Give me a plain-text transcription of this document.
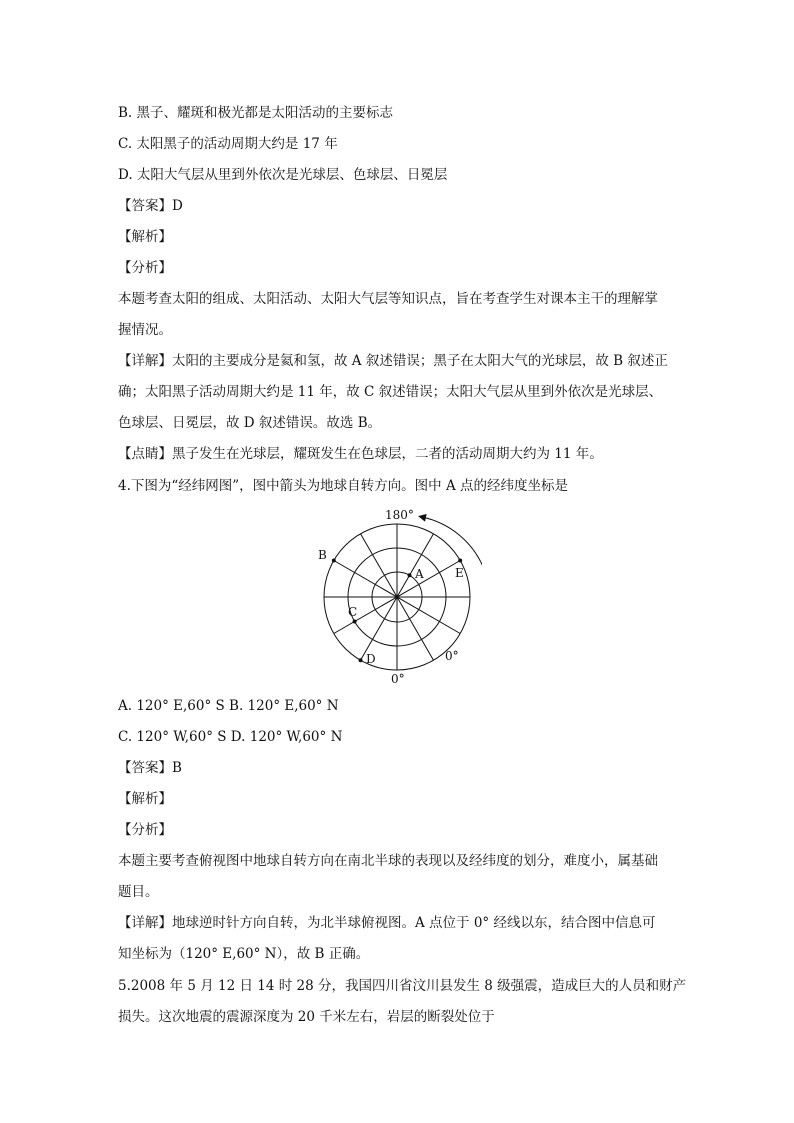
B. 黑子、耀斑和极光都是太阳活动的主要标志
C. 太阳黑子的活动周期大约是 17 年
D. 太阳大气层从里到外依次是光球层、色球层、日冕层
【答案】D
【解析】
【分析】
本题考查太阳的组成、太阳活动、太阳大气层等知识点，旨在考查学生对课本主干的理解掌
握情况。
【详解】太阳的主要成分是氦和氢，故 A 叙述错误；黑子在太阳大气的光球层，故 B 叙述正
确；太阳黑子活动周期大约是 11 年，故 C 叙述错误；太阳大气层从里到外依次是光球层、
色球层、日冕层，故 D 叙述错误。故选 B。
【点睛】黑子发生在光球层，耀斑发生在色球层，二者的活动周期大约为 11 年。
4.下图为“经纬网图”，图中箭头为地球自转方向。图中 A 点的经纬度坐标是
180°
0°
0°
A
B
C
D
E
A. 120° E,60° S B. 120° E,60° N
C. 120° W,60° S D. 120° W,60° N
【答案】B
【解析】
【分析】
本题主要考查俯视图中地球自转方向在南北半球的表现以及经纬度的划分，难度小，属基础
题目。
【详解】地球逆时针方向自转，为北半球俯视图。A 点位于 0° 经线以东，结合图中信息可
知坐标为（120° E,60° N），故 B 正确。
5.2008 年 5 月 12 日 14 时 28 分，我国四川省汶川县发生 8 级强震，造成巨大的人员和财产
损失。这次地震的震源深度为 20 千米左右，岩层的断裂处位于
